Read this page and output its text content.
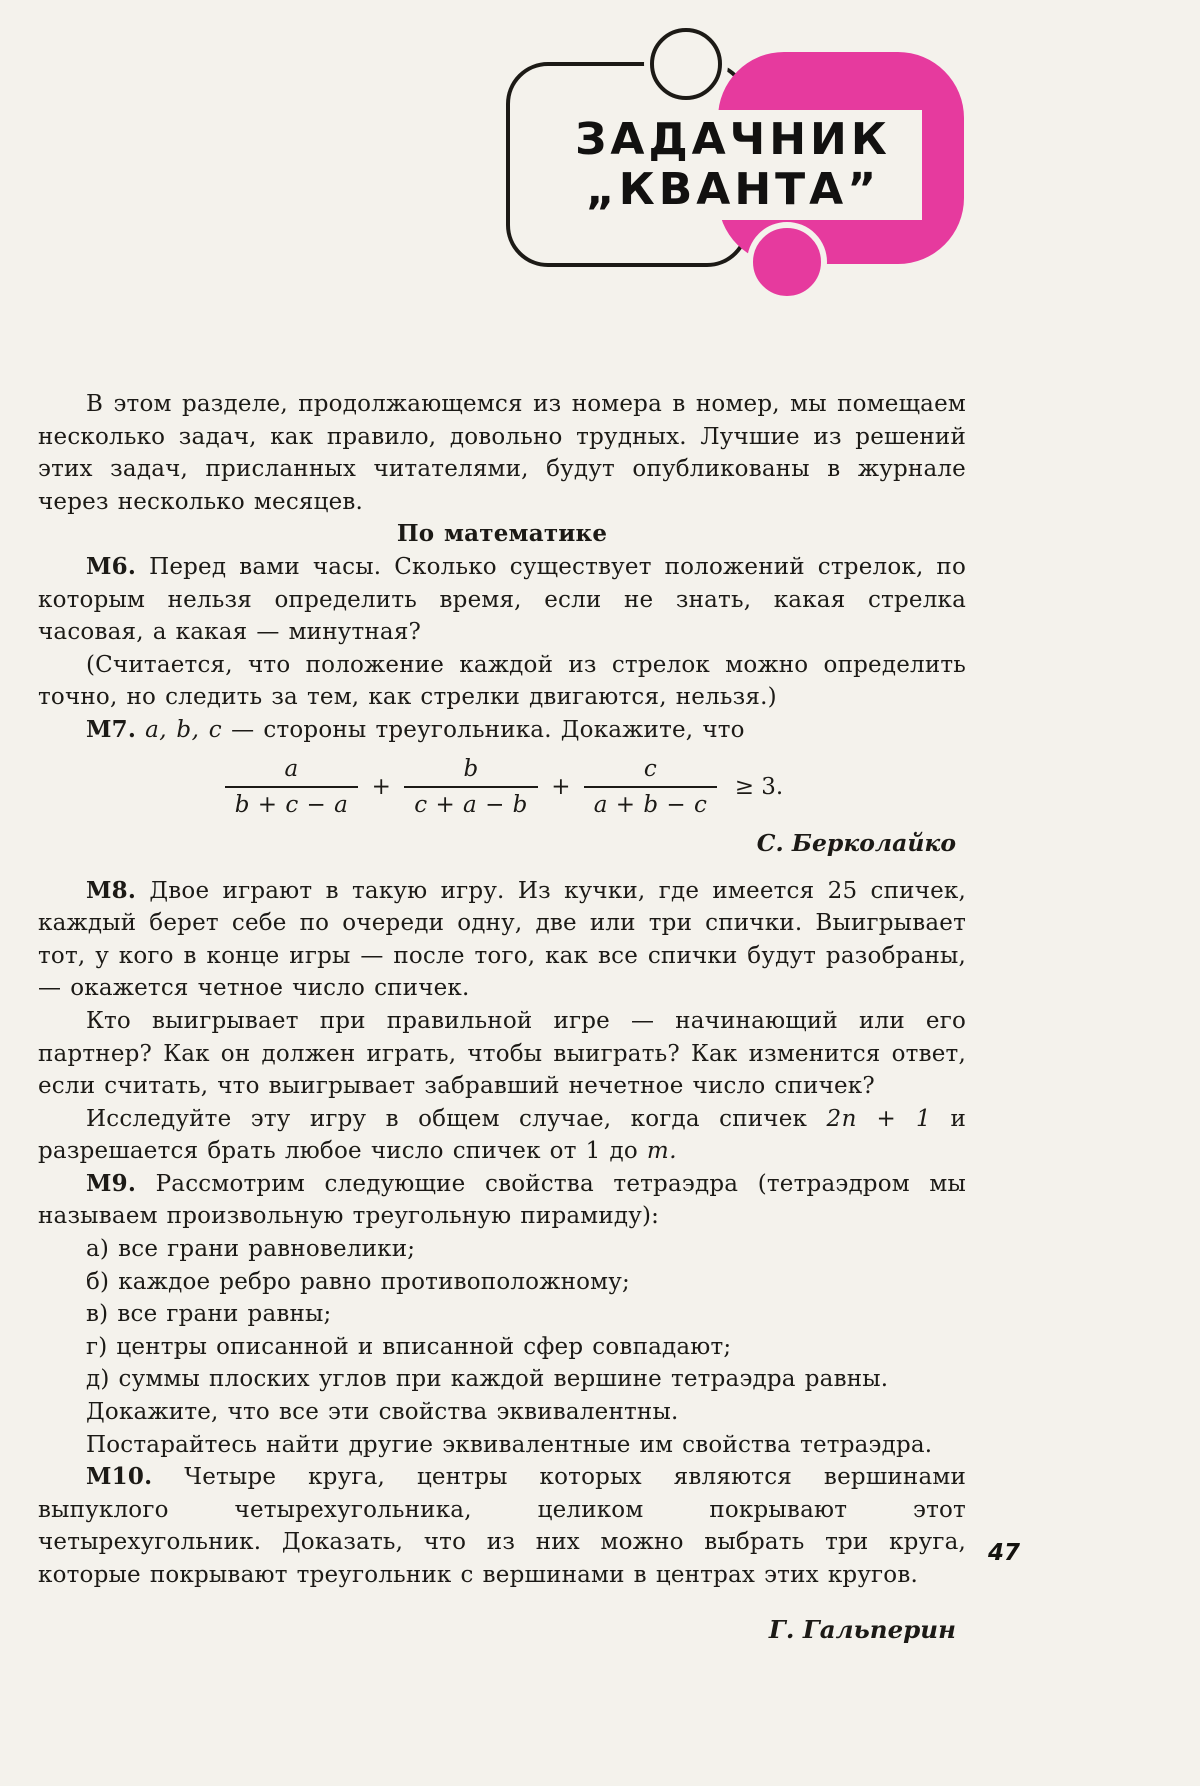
ЗАДАЧНИК
„КВАНТА”

В этом разделе, продолжающемся из номера в номер, мы помещаем несколько задач, как правило, довольно трудных. Лучшие из решений этих задач, присланных читателями, будут опубликованы в журнале через несколько месяцев.

По математике

М6. Перед вами часы. Сколько существует положений стрелок, по которым нельзя определить время, если не знать, какая стрелка часовая, а какая — минутная?

(Считается, что положение каждой из стрелок можно определить точно, но следить за тем, как стрелки двигаются, нельзя.)

М7. a, b, c — стороны треугольника. Докажите, что

$\frac{a}{b + c - a} + \frac{b}{c + a - b} + \frac{c}{a + b - c} \ge 3$.

С. Берколайко

М8. Двое играют в такую игру. Из кучки, где имеется 25 спичек, каждый берет себе по очереди одну, две или три спички. Выигрывает тот, у кого в конце игры — после того, как все спички будут разобраны, — окажется четное число спичек.

Кто выигрывает при правильной игре — начинающий или его партнер? Как он должен играть, чтобы выиграть? Как изменится ответ, если считать, что выигрывает забравший нечетное число спичек?

Исследуйте эту игру в общем случае, когда спичек 2n + 1 и разрешается брать любое число спичек от 1 до m.

М9. Рассмотрим следующие свойства тетраэдра (тетраэдром мы называем произвольную треугольную пирамиду):

а) все грани равновелики;

б) каждое ребро равно противоположному;

в) все грани равны;

г) центры описанной и вписанной сфер совпадают;

д) суммы плоских углов при каждой вершине тетраэдра равны.

Докажите, что все эти свойства эквивалентны.

Постарайтесь найти другие эквивалентные им свойства тетраэдра.

М10. Четыре круга, центры которых являются вершинами выпуклого четырехугольника, целиком покрывают этот четырехугольник. Доказать, что из них можно выбрать три круга, которые покрывают треугольник с вершинами в центрах этих кругов.

Г. Гальперин

47
